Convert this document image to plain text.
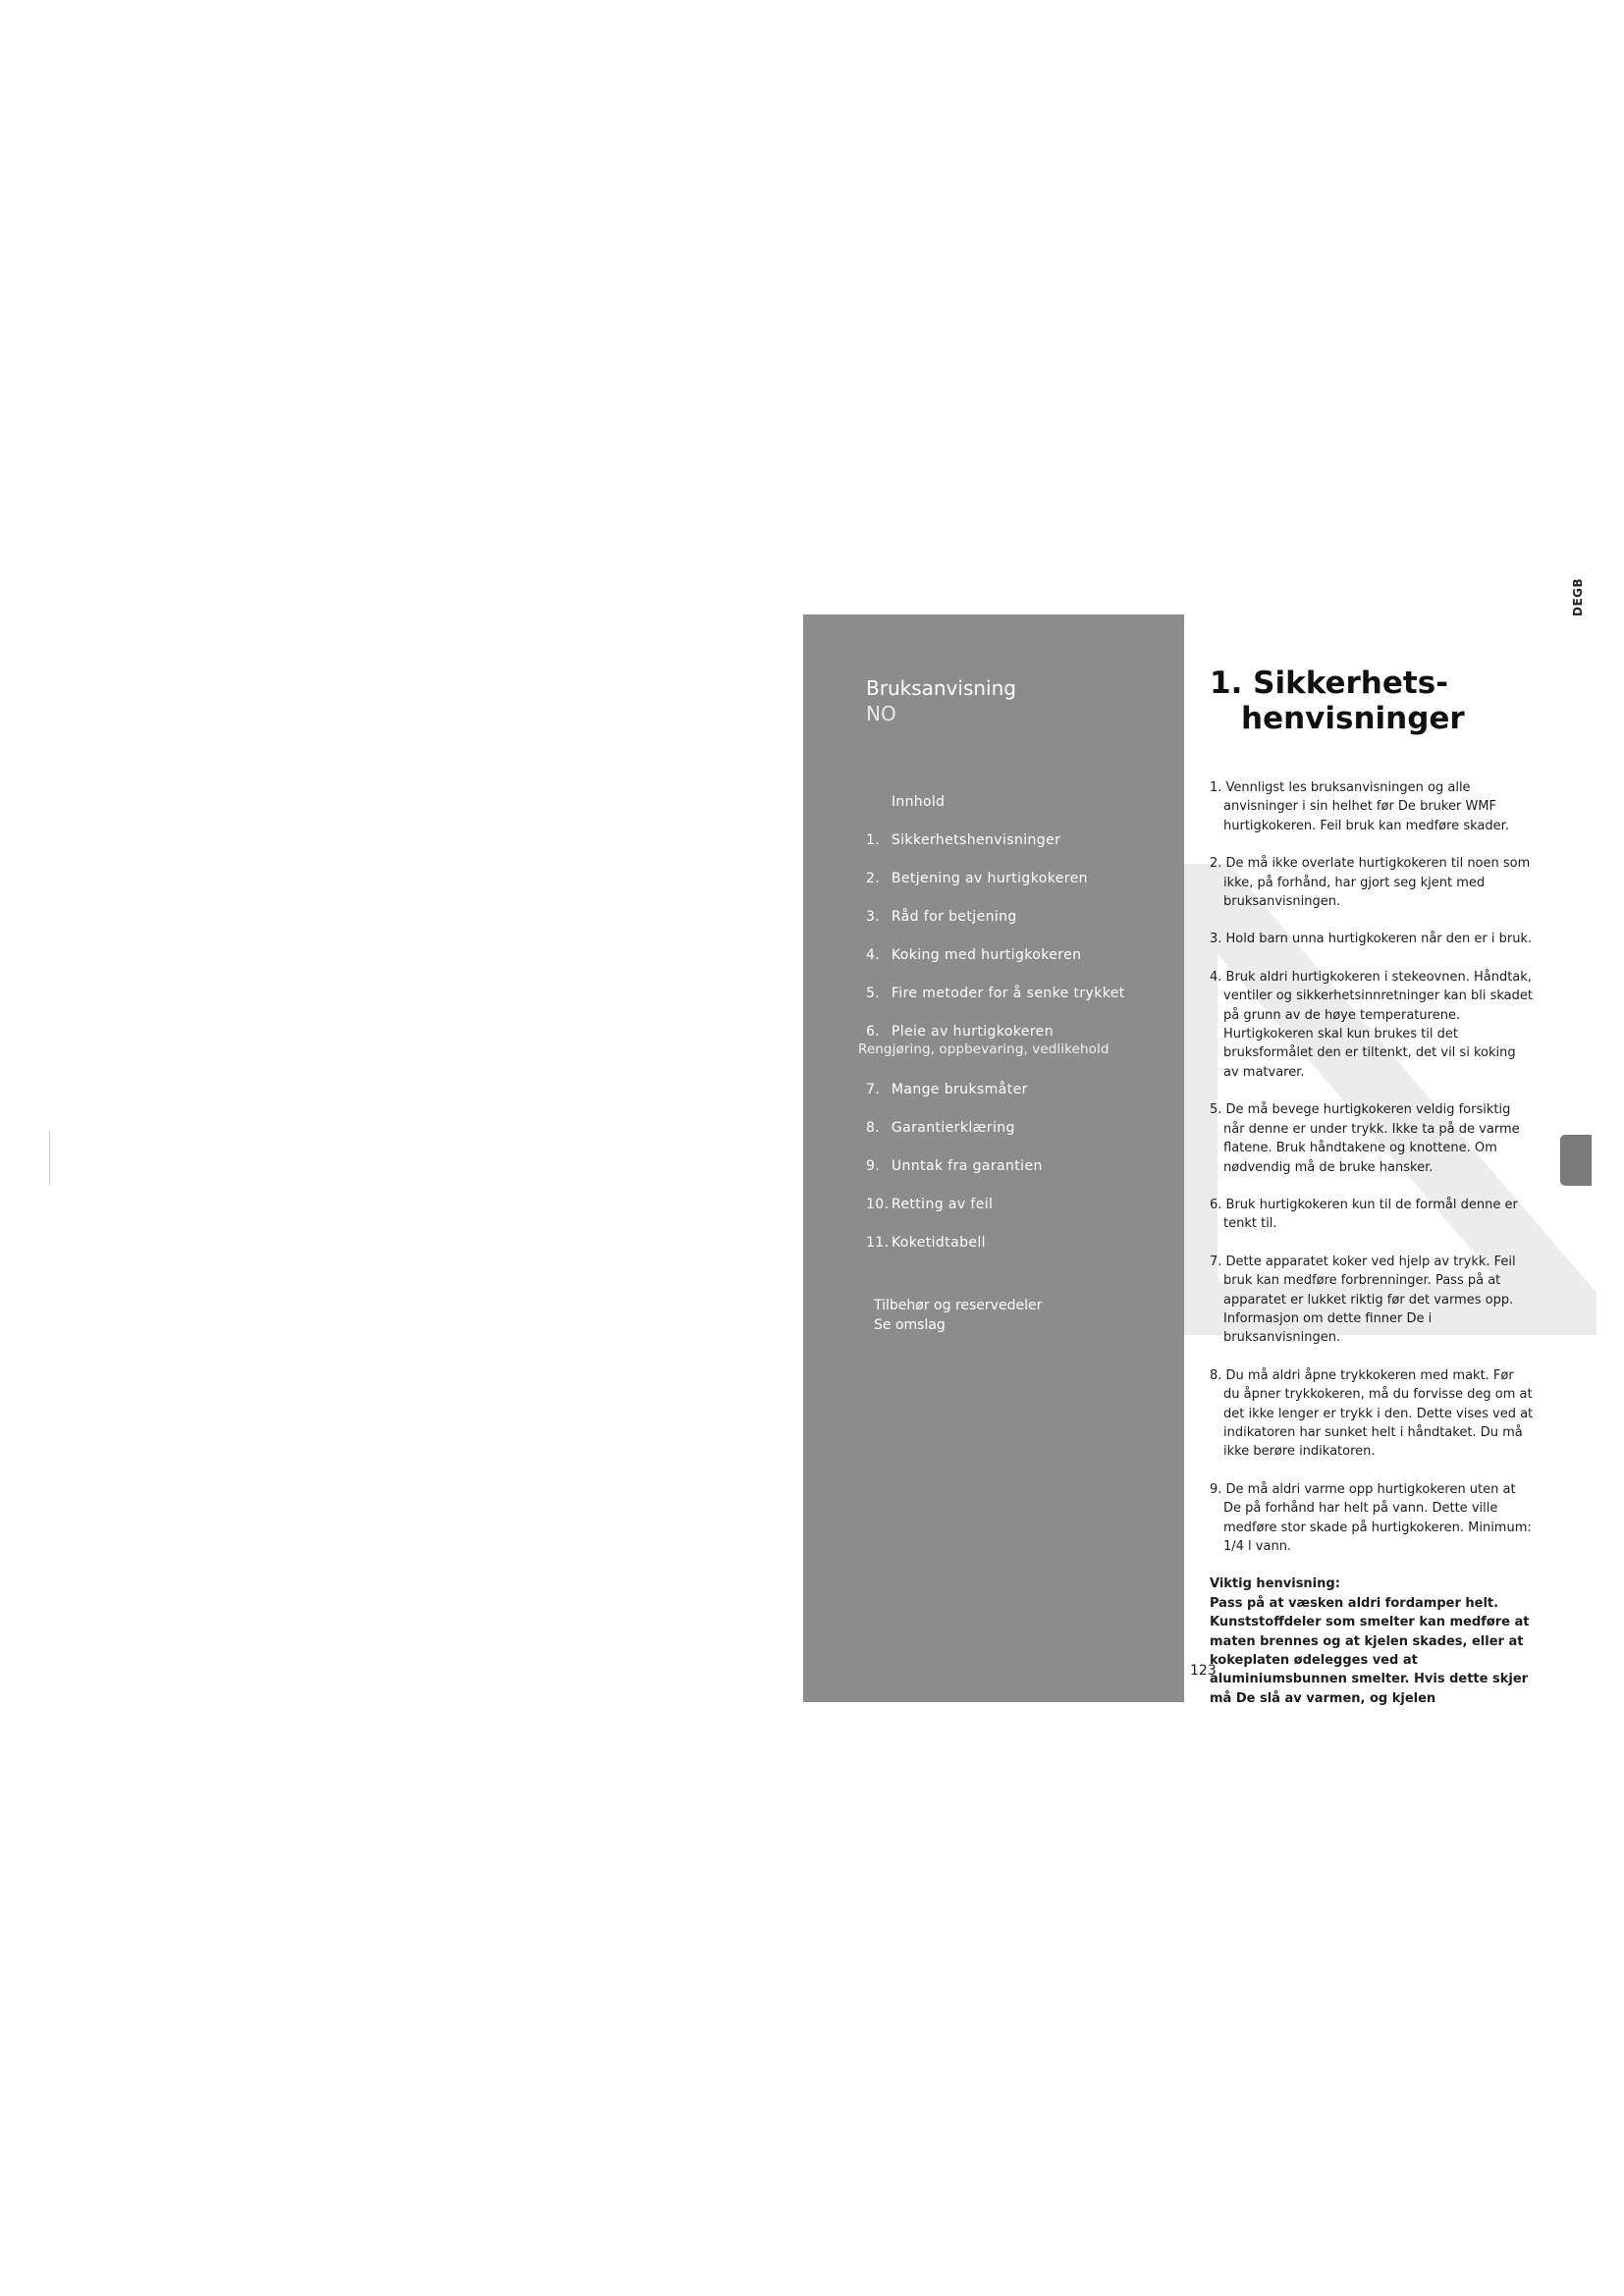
Bruksanvisning
NO
Innhold
1. Sikkerhetshenvisninger
2. Betjening av hurtigkokeren
3. Råd for betjening
4. Koking med hurtigkokeren
5. Fire metoder for å senke trykket
6. Pleie av hurtigkokeren
Rengjøring, oppbevaring, vedlikehold
7. Mange bruksmåter
8. Garantierklæring
9. Unntak fra garantien
10. Retting av feil
11. Koketidtabell
Tilbehør og reservedeler
Se omslag
1. Sikkerhets-
henvisninger

1. Vennligst les bruksanvisningen og alle anvisninger i sin helhet før De bruker WMF hurtigkokeren. Feil bruk kan medføre skader.

2. De må ikke overlate hurtigkokeren til noen som ikke, på forhånd, har gjort seg kjent med bruksanvisningen.

3. Hold barn unna hurtigkokeren når den er i bruk.

4. Bruk aldri hurtigkokeren i stekeovnen. Håndtak, ventiler og sikkerhetsinnretninger kan bli skadet på grunn av de høye temperaturene. Hurtigkokeren skal kun brukes til det bruksformålet den er tiltenkt, det vil si koking av matvarer.

5. De må bevege hurtigkokeren veldig forsiktig når denne er under trykk. Ikke ta på de varme flatene. Bruk håndtakene og knottene. Om nødvendig må de bruke hansker.

6. Bruk hurtigkokeren kun til de formål denne er tenkt til.

7. Dette apparatet koker ved hjelp av trykk. Feil bruk kan medføre forbrenninger. Pass på at apparatet er lukket riktig før det varmes opp. Informasjon om dette finner De i bruksanvisningen.

8. Du må aldri åpne trykkokeren med makt. Før du åpner trykkokeren, må du forvisse deg om at det ikke lenger er trykk i den. Dette vises ved at indikatoren har sunket helt i håndtaket. Du må ikke berøre indikatoren.

9. De må aldri varme opp hurtigkokeren uten at De på forhånd har helt på vann. Dette ville medføre stor skade på hurtigkokeren. Minimum: 1/4 l vann.

Viktig henvisning:
Pass på at væsken aldri fordamper helt. Kunststoffdeler som smelter kan medføre at maten brennes og at kjelen skades, eller at kokeplaten ødelegges ved at aluminiumsbunnen smelter. Hvis dette skjer må De slå av varmen, og kjelen
123
DEGB
